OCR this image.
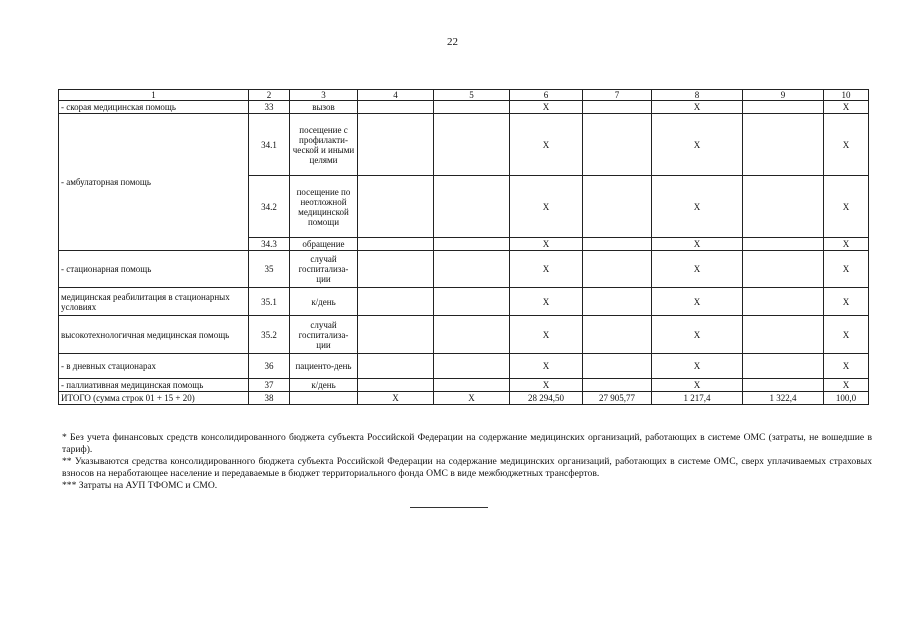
22
1	2	3	4	5	6	7	8	9	10
- скорая медицинская помощь	33	вызов			Х		Х		Х
- амбулаторная помощь	34.1	посещение с профилакти-ческой и иными целями			Х		Х		Х
	34.2	посещение по неотложной медицинской помощи			Х		Х		Х
	34.3	обращение			Х		Х		Х
- стационарная помощь	35	случай госпитализа-ции			Х		Х		Х
медицинская реабилитация в стационарных условиях	35.1	к/день			Х		Х		Х
высокотехнологичная медицинская помощь	35.2	случай госпитализа-ции			Х		Х		Х
- в дневных стационарах	36	пациенто-день			Х		Х		Х
- паллиативная медицинская помощь	37	к/день			Х		Х		Х
ИТОГО (сумма строк 01 + 15 + 20)	38		Х	Х	28 294,50	27 905,77	1 217,4	1 322,4	100,0

* Без учета финансовых средств консолидированного бюджета субъекта Российской Федерации на содержание медицинских организаций, работающих в системе ОМС (затраты, не вошедшие в тариф).

** Указываются средства консолидированного бюджета субъекта Российской Федерации на содержание медицинских организаций, работающих в системе ОМС, сверх уплачиваемых страховых взносов на неработающее население и передаваемые в бюджет территориального фонда ОМС в виде межбюджетных трансфертов.

*** Затраты на АУП ТФОМС и СМО.
